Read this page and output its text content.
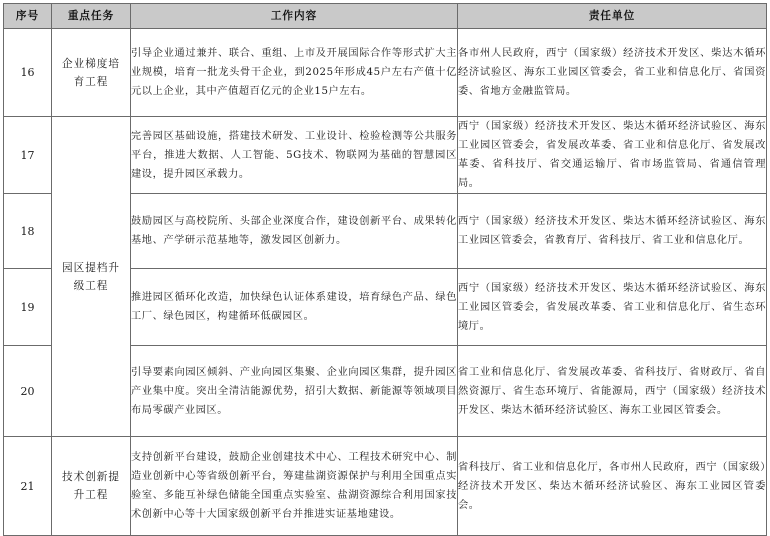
序号	重点任务	工作内容	责任单位
16	企业梯度培育工程	引导企业通过兼并、联合、重组、上市及开展国际合作等形式扩大主业规模，培育一批龙头骨干企业，到2025年形成45户左右产值十亿元以上企业，其中产值超百亿元的企业15户左右。	各市州人民政府，西宁（国家级）经济技术开发区、柴达木循环经济试验区、海东工业园区管委会，省工业和信息化厅、省国资委、省地方金融监管局。

17	园区提档升级工程	完善园区基础设施，搭建技术研发、工业设计、检验检测等公共服务平台，推进大数据、人工智能、5G技术、物联网为基础的智慧园区建设，提升园区承载力。	西宁（国家级）经济技术开发区、柴达木循环经济试验区、海东工业园区管委会，省发展改革委、省工业和信息化厅、省发展改革委、省科技厅、省交通运输厅、省市场监管局、省通信管理局。

18		鼓励园区与高校院所、头部企业深度合作，建设创新平台、成果转化基地、产学研示范基地等，激发园区创新力。	西宁（国家级）经济技术开发区、柴达木循环经济试验区、海东工业园区管委会，省教育厅、省科技厅、省工业和信息化厅。

19		推进园区循环化改造，加快绿色认证体系建设，培育绿色产品、绿色工厂、绿色园区，构建循环低碳园区。	西宁（国家级）经济技术开发区、柴达木循环经济试验区、海东工业园区管委会，省发展改革委、省工业和信息化厅、省生态环境厅。

20		引导要素向园区倾斜、产业向园区集聚、企业向园区集群，提升园区产业集中度。突出全清洁能源优势，招引大数据、新能源等领域项目布局零碳产业园区。	省工业和信息化厅、省发展改革委、省科技厅、省财政厅、省自然资源厅、省生态环境厅、省能源局，西宁（国家级）经济技术开发区、柴达木循环经济试验区、海东工业园区管委会。

21	技术创新提升工程	支持创新平台建设，鼓励企业创建技术中心、工程技术研究中心、制造业创新中心等省级创新平台，筹建盐湖资源保护与利用全国重点实验室、多能互补绿色储能全国重点实验室、盐湖资源综合利用国家技术创新中心等十大国家级创新平台并推进实证基地建设。	省科技厅、省工业和信息化厅，各市州人民政府，西宁（国家级）经济技术开发区、柴达木循环经济试验区、海东工业园区管委会。
